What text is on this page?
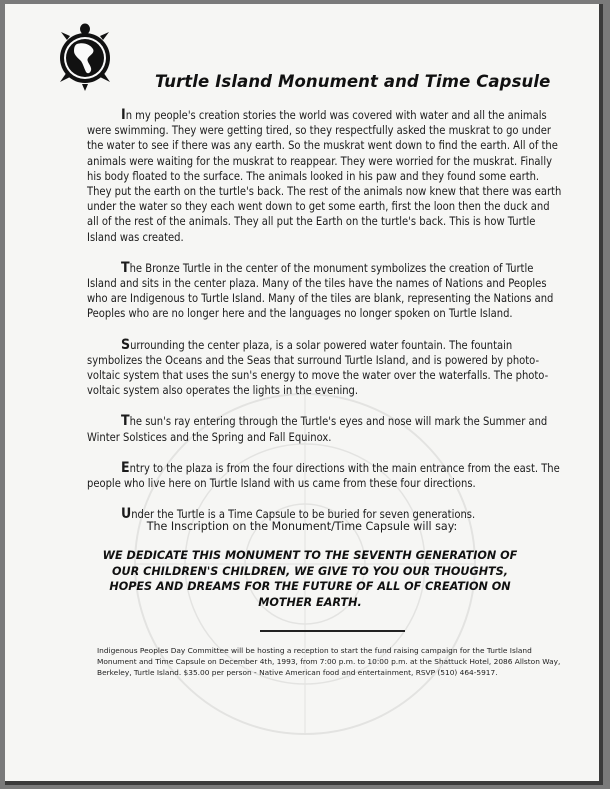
Turtle Island Monument and Time Capsule

In my people's creation stories the world was covered with water and all the animals were swimming. They were getting tired, so they respectfully asked the muskrat to go under the water to see if there was any earth. So the muskrat went down to find the earth. All of the animals were waiting for the muskrat to reappear. They were worried for the muskrat. Finally his body floated to the surface. The animals looked in his paw and they found some earth. They put the earth on the turtle's back. The rest of the animals now knew that there was earth under the water so they each went down to get some earth, first the loon then the duck and all of the rest of the animals. They all put the Earth on the turtle's back. This is how Turtle Island was created.

The Bronze Turtle in the center of the monument symbolizes the creation of Turtle Island and sits in the center plaza. Many of the tiles have the names of Nations and Peoples who are Indigenous to Turtle Island. Many of the tiles are blank, representing the Nations and Peoples who are no longer here and the languages no longer spoken on Turtle Island.

Surrounding the center plaza, is a solar powered water fountain. The fountain symbolizes the Oceans and the Seas that surround Turtle Island, and is powered by photo-voltaic system that uses the sun's energy to move the water over the waterfalls. The photo-voltaic system also operates the lights in the evening.

The sun's ray entering through the Turtle's eyes and nose will mark the Summer and Winter Solstices and the Spring and Fall Equinox.

Entry to the plaza is from the four directions with the main entrance from the east. The people who live here on Turtle Island with us came from these four directions.

Under the Turtle is a Time Capsule to be buried for seven generations.

The Inscription on the Monument/Time Capsule will say:
WE DEDICATE THIS MONUMENT TO THE SEVENTH GENERATION OF OUR CHILDREN'S CHILDREN, WE GIVE TO YOU OUR THOUGHTS, HOPES AND DREAMS FOR THE FUTURE OF ALL OF CREATION ON MOTHER EARTH.
Indigenous Peoples Day Committee will be hosting a reception to start the fund raising campaign for the Turtle Island Monument and Time Capsule on December 4th, 1993, from 7:00 p.m. to 10:00 p.m. at the Shattuck Hotel, 2086 Allston Way, Berkeley, Turtle Island. $35.00 per person - Native American food and entertainment, RSVP (510) 464-5917.
